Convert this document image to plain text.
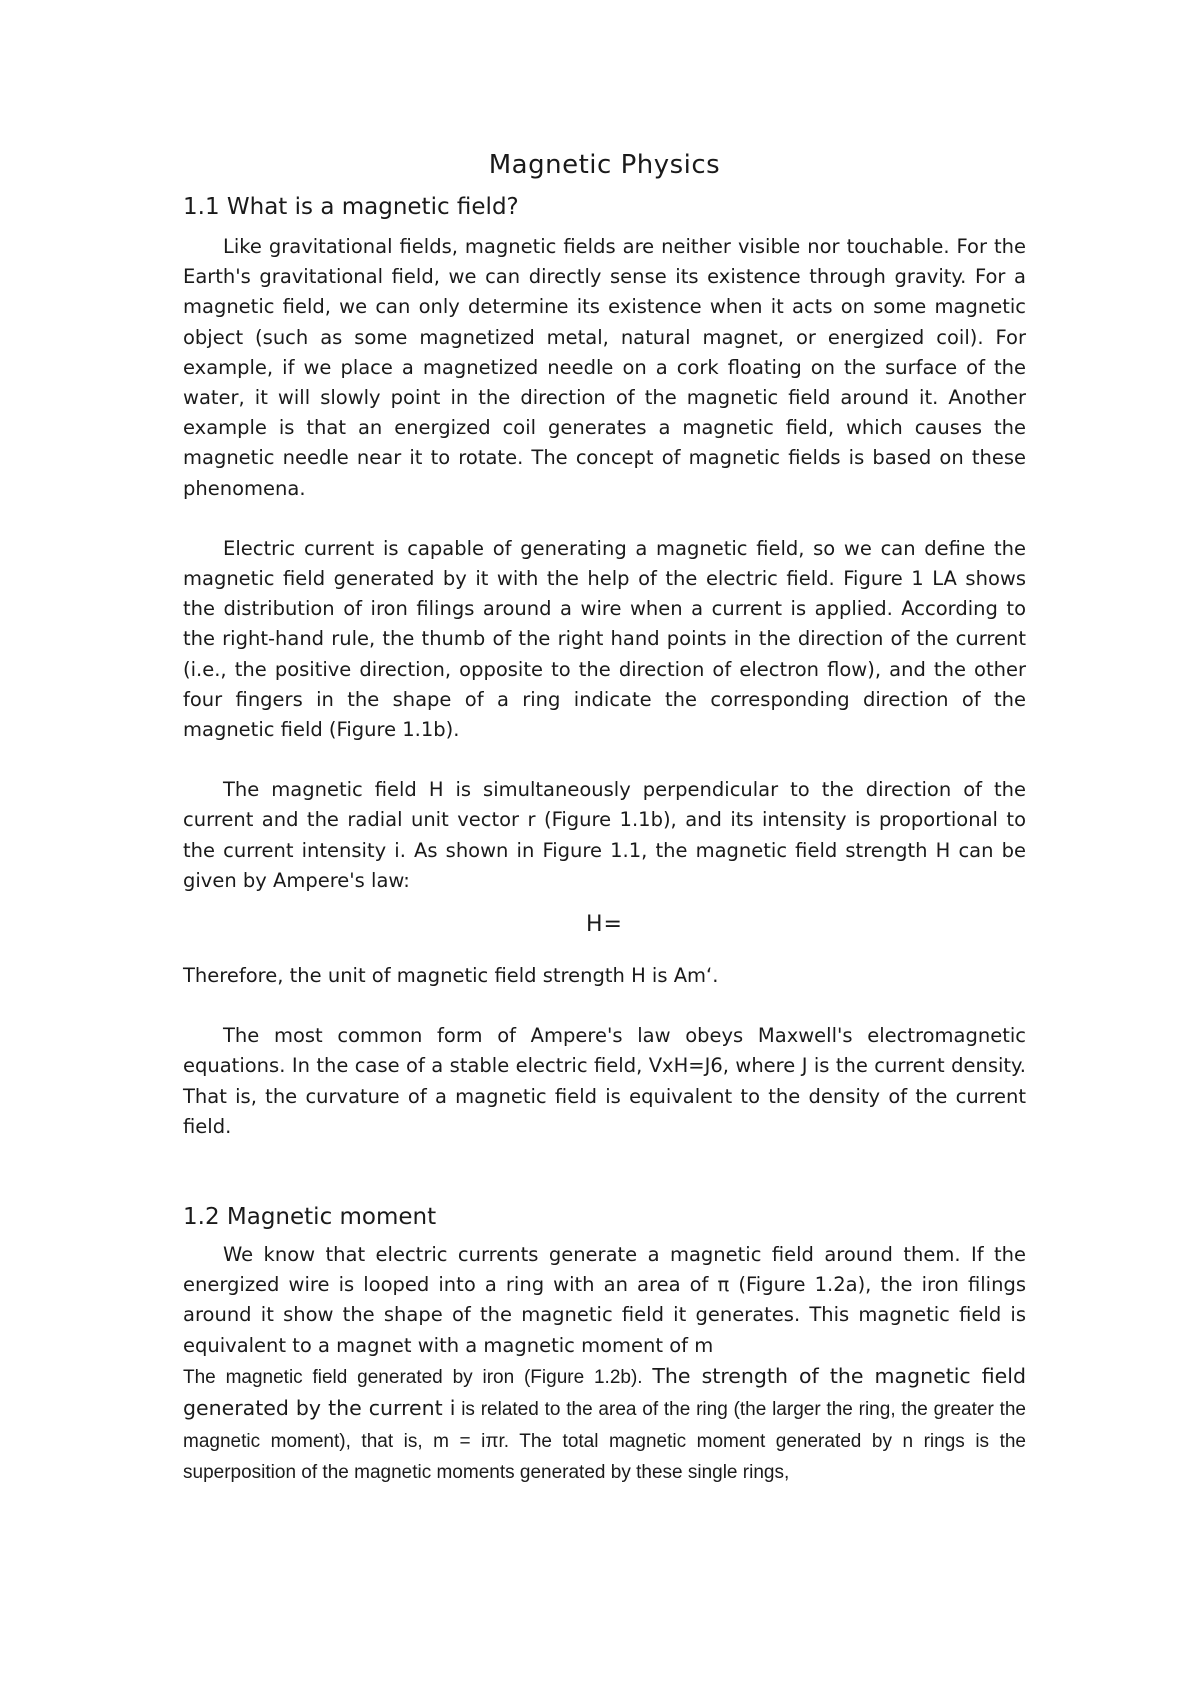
Magnetic Physics
1.1 What is a magnetic field?

Like gravitational fields, magnetic fields are neither visible nor touchable. For the Earth's gravitational field, we can directly sense its existence through gravity. For a magnetic field, we can only determine its existence when it acts on some magnetic object (such as some magnetized metal, natural magnet, or energized coil). For example, if we place a magnetized needle on a cork floating on the surface of the water, it will slowly point in the direction of the magnetic field around it. Another example is that an energized coil generates a magnetic field, which causes the magnetic needle near it to rotate. The concept of magnetic fields is based on these phenomena.

Electric current is capable of generating a magnetic field, so we can define the magnetic field generated by it with the help of the electric field. Figure 1 LA shows the distribution of iron filings around a wire when a current is applied. According to the right-hand rule, the thumb of the right hand points in the direction of the current (i.e., the positive direction, opposite to the direction of electron flow), and the other four fingers in the shape of a ring indicate the corresponding direction of the magnetic field (Figure 1.1b).

The magnetic field H is simultaneously perpendicular to the direction of the current and the radial unit vector r (Figure 1.1b), and its intensity is proportional to the current intensity i. As shown in Figure 1.1, the magnetic field strength H can be given by Ampere's law:

H=

Therefore, the unit of magnetic field strength H is Am‘.

The most common form of Ampere's law obeys Maxwell's electromagnetic equations. In the case of a stable electric field, VxH=J6, where J is the current density. That is, the curvature of a magnetic field is equivalent to the density of the current field.

1.2 Magnetic moment

We know that electric currents generate a magnetic field around them. If the energized wire is looped into a ring with an area of π (Figure 1.2a), the iron filings around it show the shape of the magnetic field it generates. This magnetic field is equivalent to a magnet with a magnetic moment of m

The magnetic field generated by iron (Figure 1.2b). The strength of the magnetic field generated by the current i is related to the area of the ring (the larger the ring, the greater the magnetic moment), that is, m = iπr. The total magnetic moment generated by n rings is the superposition of the magnetic moments generated by these single rings,
